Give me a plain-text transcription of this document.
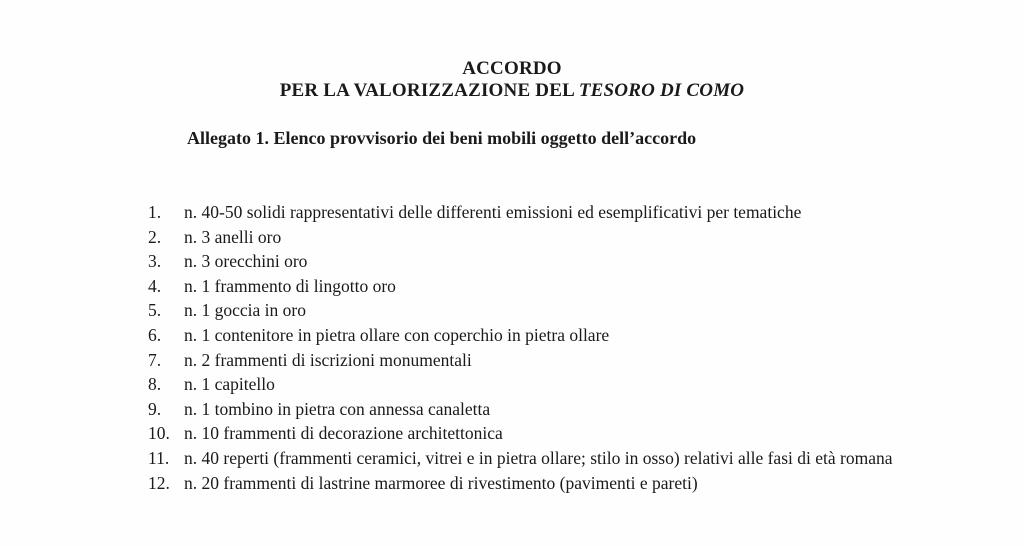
ACCORDO
PER LA VALORIZZAZIONE DEL TESORO DI COMO
Allegato 1. Elenco provvisorio dei beni mobili oggetto dell’accordo
1.	n. 40-50 solidi rappresentativi delle differenti emissioni ed esemplificativi per tematiche
2.	n. 3 anelli oro
3.	n. 3 orecchini oro
4.	n. 1 frammento di lingotto oro
5.	n. 1 goccia in oro
6.	n. 1 contenitore in pietra ollare con coperchio in pietra ollare
7.	n. 2 frammenti di iscrizioni monumentali
8.	n. 1 capitello
9.	n. 1 tombino in pietra con annessa canaletta
10. n. 10 frammenti di decorazione architettonica
11. n. 40 reperti (frammenti ceramici, vitrei e in pietra ollare; stilo in osso) relativi alle fasi di età romana
12. n. 20 frammenti di lastrine marmoree di rivestimento (pavimenti e pareti)
